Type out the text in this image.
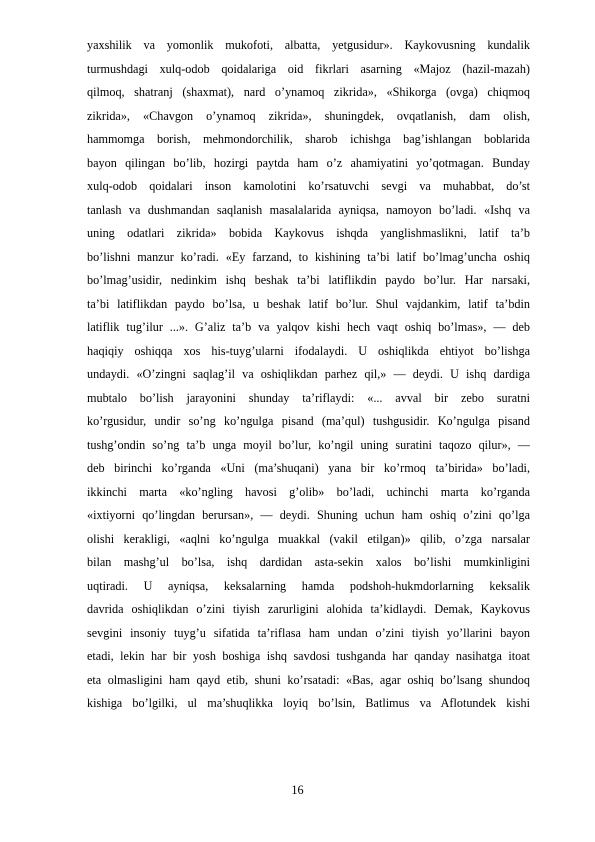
yaxshilik va yomonlik mukofoti, albatta, yetgusidur». Kaykovusning kundalik
turmushdagi xulq-odob qoidalariga oid fikrlari asarning «Majoz (hazil-mazah)
qilmoq, shatranj (shaxmat), nard o’ynamoq zikrida», «Shikorga (ovga) chiqmoq
zikrida», «Chavgon o’ynamoq zikrida», shuningdek, ovqatlanish, dam olish,
hammomga borish, mehmondorchilik, sharob ichishga bag’ishlangan boblarida
bayon qilingan bo’lib, hozirgi paytda ham o’z ahamiyatini yo’qotmagan. Bunday
xulq-odob qoidalari inson kamolotini ko’rsatuvchi sevgi va muhabbat, do’st
tanlash va dushmandan saqlanish masalalarida ayniqsa, namoyon bo’ladi. «Ishq va
uning odatlari zikrida» bobida Kaykovus ishqda yanglishmaslikni, latif ta’b
bo’lishni manzur ko’radi. «Ey farzand, to kishining ta’bi latif bo’lmag’uncha oshiq
bo’lmag’usidir, nedinkim ishq beshak ta’bi latiflikdin paydo bo’lur. Har narsaki,
ta’bi latiflikdan paydo bo’lsa, u beshak latif bo’lur. Shul vajdankim, latif ta’bdin
latiflik tug’ilur ...». G’aliz ta’b va yalqov kishi hech vaqt oshiq bo’lmas», — deb
haqiqiy oshiqqa xos his-tuyg’ularni ifodalaydi. U oshiqlikda ehtiyot bo’lishga
undaydi. «O’zingni saqlag’il va oshiqlikdan parhez qil,» — deydi. U ishq dardiga
mubtalo bo’lish jarayonini shunday ta’riflaydi: «... avval bir zebo suratni
ko’rgusidur, undir so’ng ko’ngulga pisand (ma’qul) tushgusidir. Ko’ngulga pisand
tushg’ondin so’ng ta’b unga moyil bo’lur, ko’ngil uning suratini taqozo qilur», —
deb birinchi ko’rganda «Uni (ma’shuqani) yana bir ko’rmoq ta’birida» bo’ladi,
ikkinchi marta «ko’ngling havosi g’olib» bo’ladi, uchinchi marta ko’rganda
«ixtiyorni qo’lingdan berursan», — deydi. Shuning uchun ham oshiq o’zini qo’lga
olishi kerakligi, «aqlni ko’ngulga muakkal (vakil etilgan)» qilib, o’zga narsalar
bilan mashg’ul bo’lsa, ishq dardidan asta-sekin xalos bo’lishi mumkinligini
uqtiradi. U ayniqsa, keksalarning hamda podshoh-hukmdorlarning keksalik
davrida oshiqlikdan o’zini tiyish zarurligini alohida ta’kidlaydi. Demak, Kaykovus
sevgini insoniy tuyg’u sifatida ta’riflasa ham undan o’zini tiyish yo’llarini bayon
etadi, lekin har bir yosh boshiga ishq savdosi tushganda har qanday nasihatga itoat
eta olmasligini ham qayd etib, shuni ko’rsatadi: «Bas, agar oshiq bo’lsang shundoq
kishiga bo’lgilki, ul ma’shuqlikka loyiq bo’lsin, Batlimus va Aflotundek kishi
16
